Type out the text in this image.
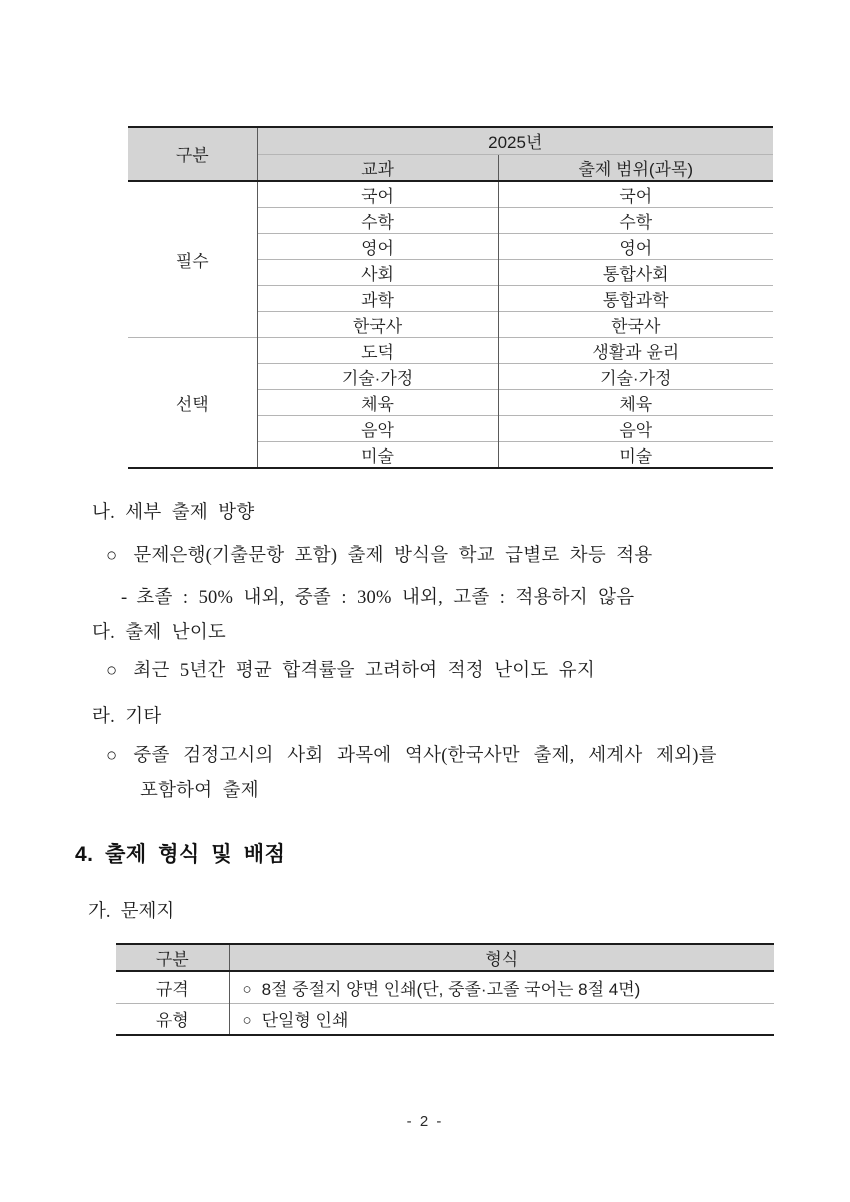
구분	2025년	
	교과	출제 범위(과목)
필수	국어	국어
	수학	수학
	영어	영어
	사회	통합사회
	과학	통합과학
	한국사	한국사
선택	도덕	생활과 윤리
	기술·가정	기술·가정
	체육	체육
	음악	음악
	미술	미술
나. 세부 출제 방향
○ 문제은행(기출문항 포함) 출제 방식을 학교 급별로 차등 적용
- 초졸 : 50% 내외, 중졸 : 30% 내외, 고졸 : 적용하지 않음
다. 출제 난이도
○ 최근 5년간 평균 합격률을 고려하여 적정 난이도 유지
라. 기타
○ 중졸 검정고시의 사회 과목에 역사(한국사만 출제, 세계사 제외)를
포함하여 출제
4. 출제 형식 및 배점
가. 문제지
구분	형식
규격	○ 8절 중절지 양면 인쇄(단, 중졸·고졸 국어는 8절 4면)
유형	○ 단일형 인쇄
- 2 -
